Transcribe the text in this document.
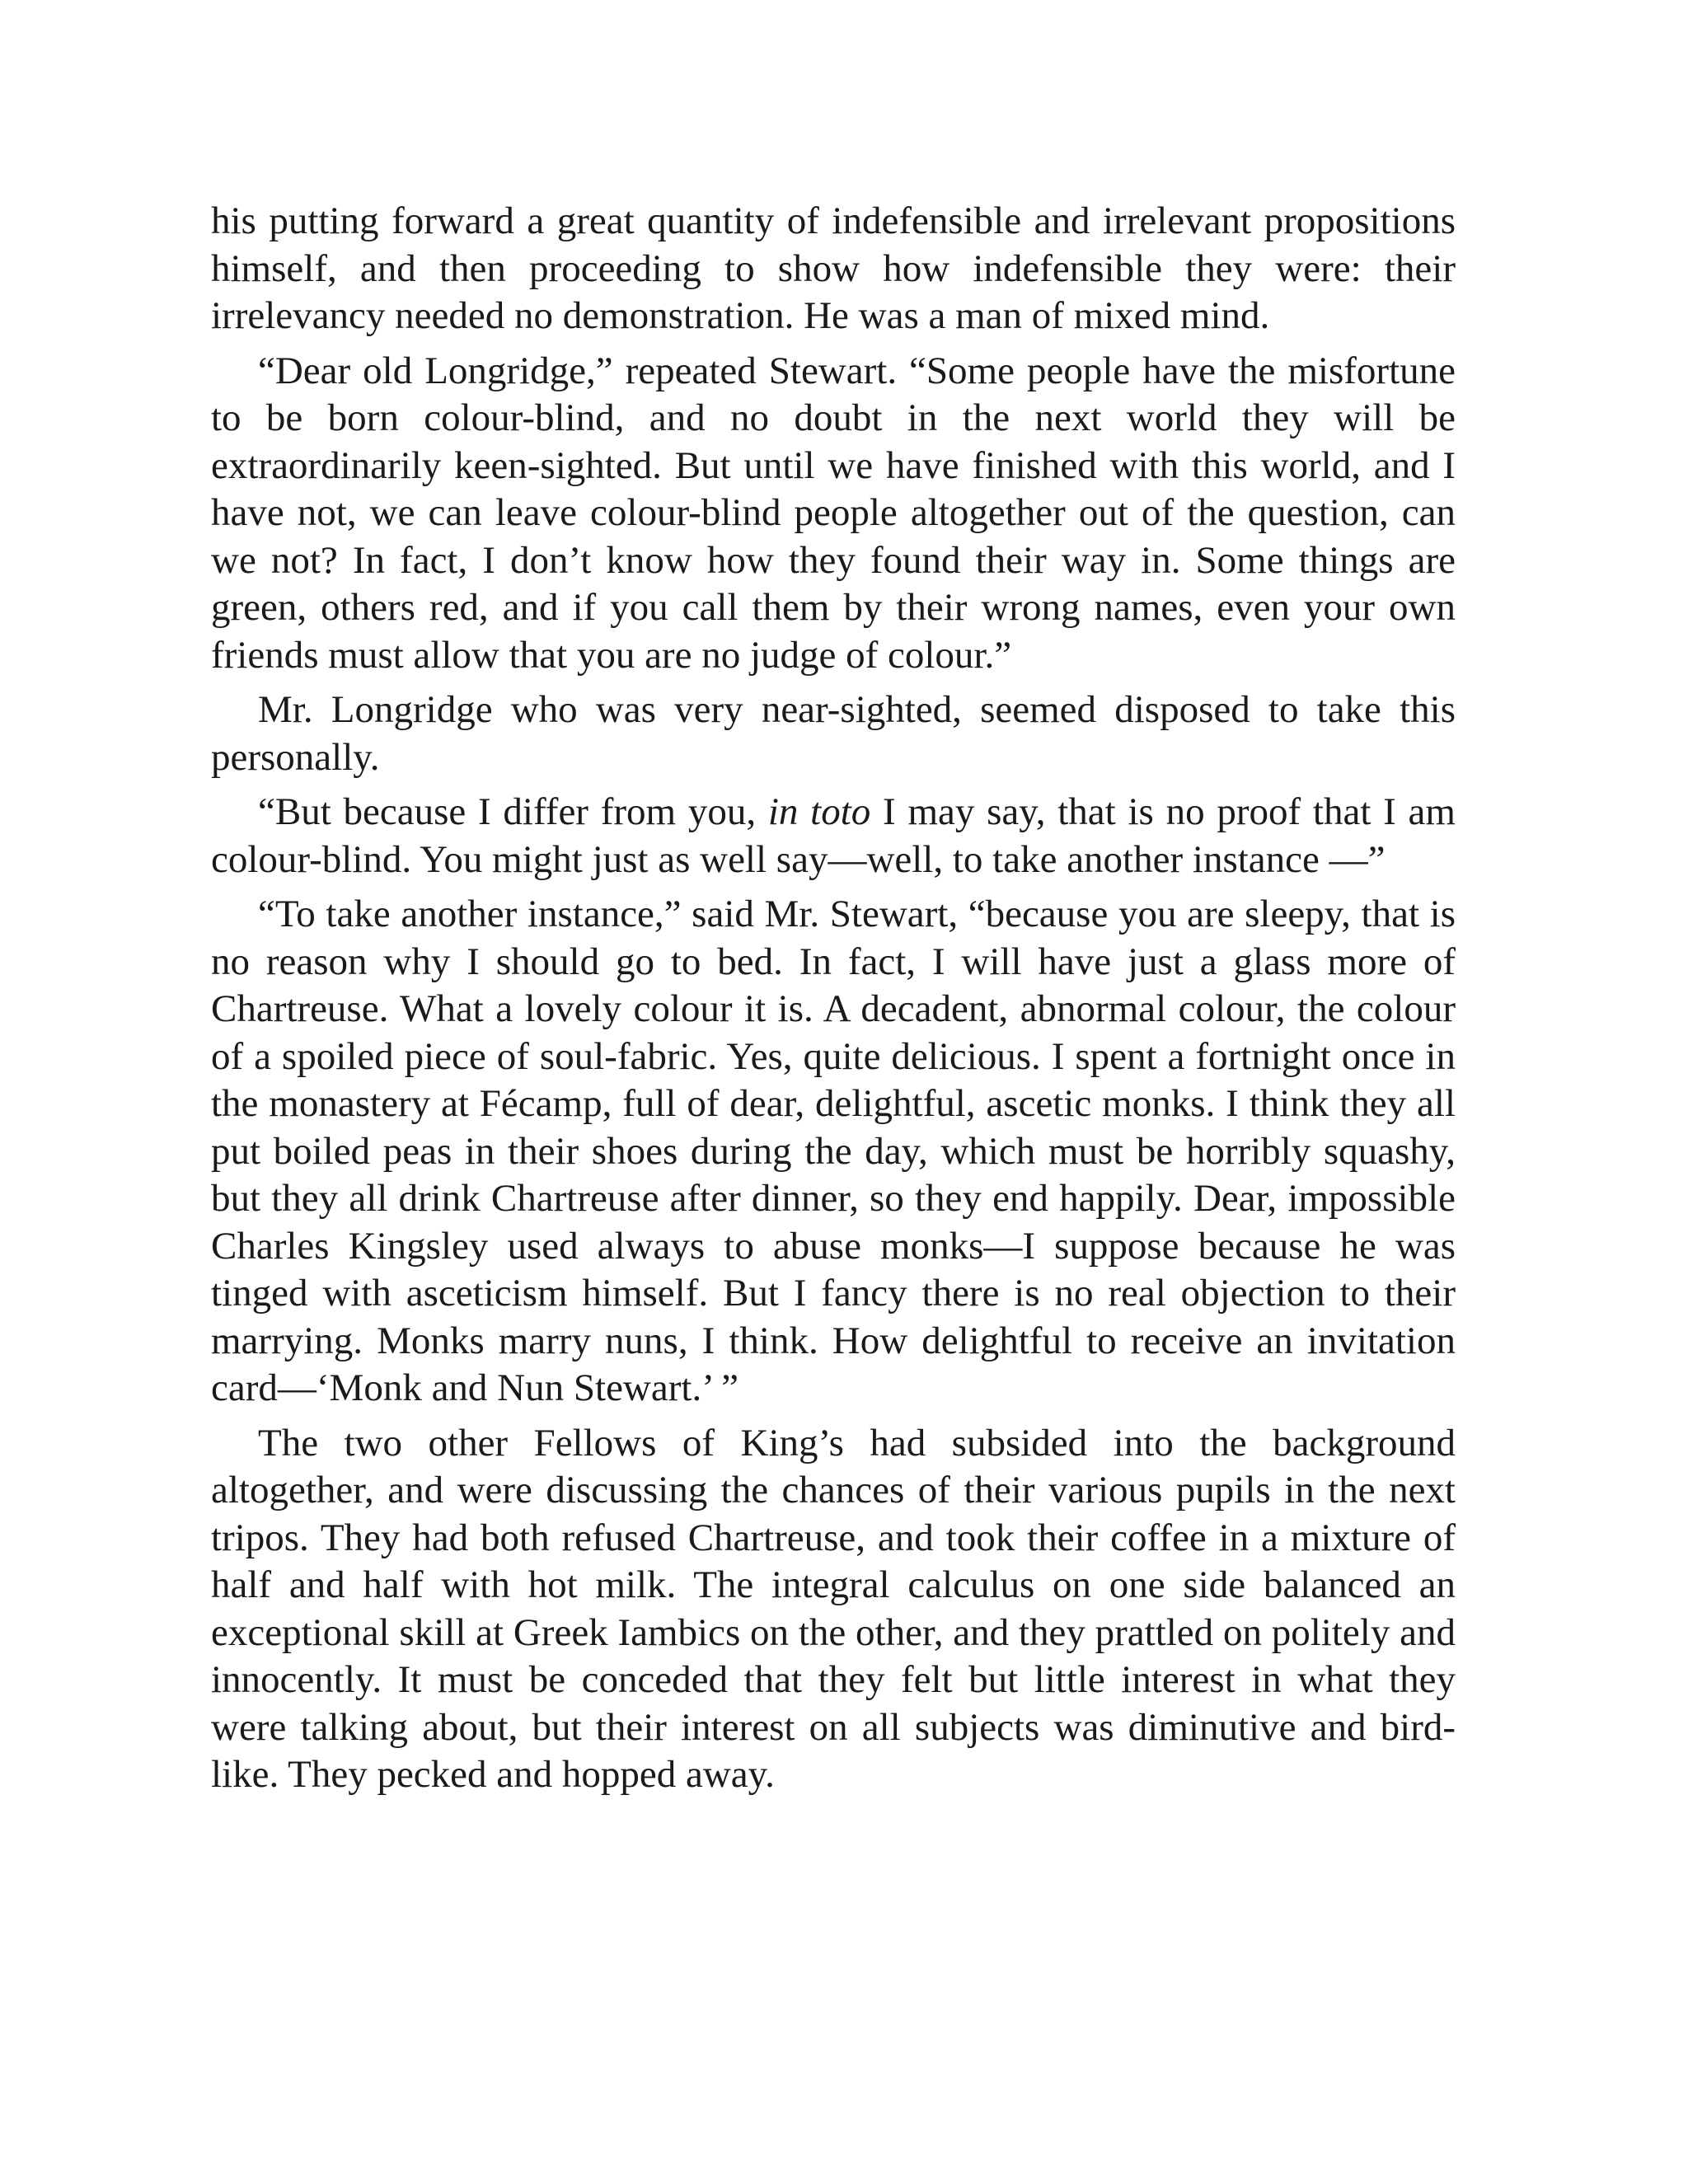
his putting forward a great quantity of indefensible and irrelevant propositions himself, and then proceeding to show how indefensible they were: their irrelevancy needed no demonstration. He was a man of mixed mind.

“Dear old Longridge,” repeated Stewart. “Some people have the misfortune to be born colour-blind, and no doubt in the next world they will be extraordinarily keen-sighted. But until we have finished with this world, and I have not, we can leave colour-blind people altogether out of the question, can we not? In fact, I don’t know how they found their way in. Some things are green, others red, and if you call them by their wrong names, even your own friends must allow that you are no judge of colour.”

Mr. Longridge who was very near-sighted, seemed disposed to take this personally.

“But because I differ from you, in toto I may say, that is no proof that I am colour-blind. You might just as well say—well, to take another instance —”

“To take another instance,” said Mr. Stewart, “because you are sleepy, that is no reason why I should go to bed. In fact, I will have just a glass more of Chartreuse. What a lovely colour it is. A decadent, abnormal colour, the colour of a spoiled piece of soul-fabric. Yes, quite delicious. I spent a fortnight once in the monastery at Fécamp, full of dear, delightful, ascetic monks. I think they all put boiled peas in their shoes during the day, which must be horribly squashy, but they all drink Chartreuse after dinner, so they end happily. Dear, impossible Charles Kingsley used always to abuse monks—I suppose because he was tinged with asceticism himself. But I fancy there is no real objection to their marrying. Monks marry nuns, I think. How delightful to receive an invitation card—‘Monk and Nun Stewart.’ ”

The two other Fellows of King’s had subsided into the background altogether, and were discussing the chances of their various pupils in the next tripos. They had both refused Chartreuse, and took their coffee in a mixture of half and half with hot milk. The integral calculus on one side balanced an exceptional skill at Greek Iambics on the other, and they prattled on politely and innocently. It must be conceded that they felt but little interest in what they were talking about, but their interest on all subjects was diminutive and bird-like. They pecked and hopped away.
